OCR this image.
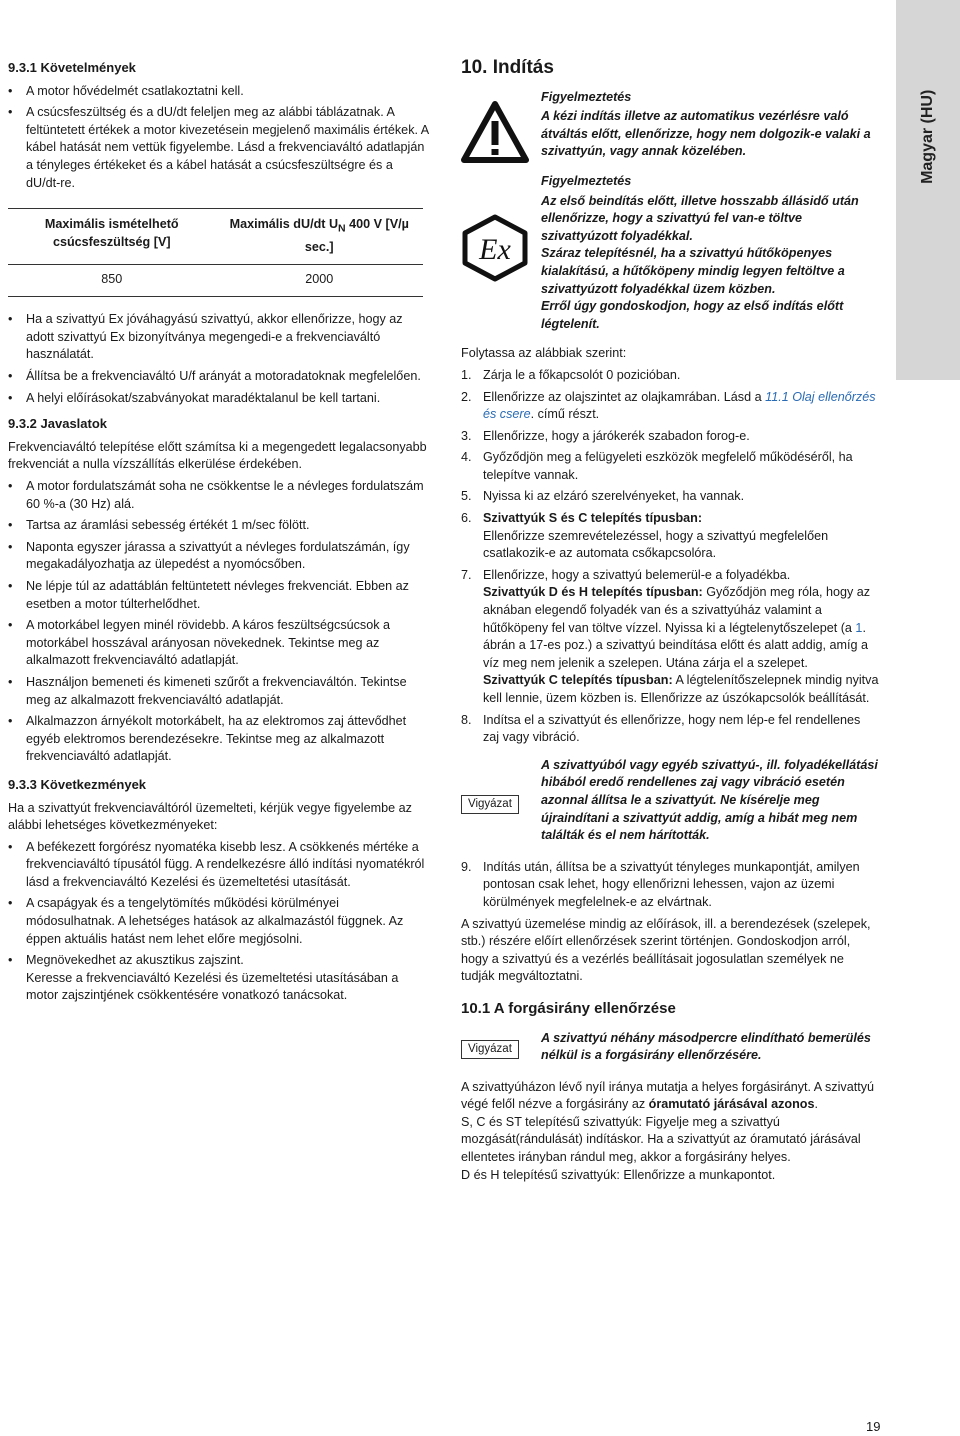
Magyar (HU)
9.3.1 Követelmények
• A motor hővédelmét csatlakoztatni kell.
• A csúcsfeszültség és a dU/dt feleljen meg az alábbi táblázatnak. A feltüntetett értékek a motor kivezetésein megjelenő maximális értékek. A kábel hatását nem vettük figyelembe. Lásd a frekvenciaváltó adatlapján a tényleges értékeket és a kábel hatását a csúcsfeszültségre és a dU/dt-re.
Maximális ismételhető csúcsfeszültség [V]	Maximális dU/dt $U_N$ 400 V [V/µ sec.]
850	2000
• Ha a szivattyú Ex jóváhagyású szivattyú, akkor ellenőrizze, hogy az adott szivattyú Ex bizonyítványa megengedi-e a frekvenciaváltó használatát.
• Állítsa be a frekvenciaváltó U/f arányát a motoradatoknak megfelelően.
• A helyi előírásokat/szabványokat maradéktalanul be kell tartani.
9.3.2 Javaslatok

Frekvenciaváltó telepítése előtt számítsa ki a megengedett legalacsonyabb frekvenciát a nulla vízszállítás elkerülése érdekében.

• A motor fordulatszámát soha ne csökkentse le a névleges fordulatszám 60 %-a (30 Hz) alá.
• Tartsa az áramlási sebesség értékét 1 m/sec fölött.
• Naponta egyszer járassa a szivattyút a névleges fordulatszámán, így megakadályozhatja az ülepedést a nyomócsőben.
• Ne lépje túl az adattáblán feltüntetett névleges frekvenciát. Ebben az esetben a motor túlterhelődhet.
• A motorkábel legyen minél rövidebb. A káros feszültségcsúcsok a motorkábel hosszával arányosan növekednek. Tekintse meg az alkalmazott frekvenciaváltó adatlapját.
• Használjon bemeneti és kimeneti szűrőt a frekvenciaváltón. Tekintse meg az alkalmazott frekvenciaváltó adatlapját.
• Alkalmazzon árnyékolt motorkábelt, ha az elektromos zaj áttevődhet egyéb elektromos berendezésekre. Tekintse meg az alkalmazott frekvenciaváltó adatlapját.
9.3.3 Következmények

Ha a szivattyút frekvenciaváltóról üzemelteti, kérjük vegye figyelembe az alábbi lehetséges következményeket:

• A befékezett forgórész nyomatéka kisebb lesz. A csökkenés mértéke a frekvenciaváltó típusától függ. A rendelkezésre álló indítási nyomatékról lásd a frekvenciaváltó Kezelési és üzemeltetési utasítását.
• A csapágyak és a tengelytömítés működési körülményei módosulhatnak. A lehetséges hatások az alkalmazástól függnek. Az éppen aktuális hatást nem lehet előre megjósolni.
• Megnövekedhet az akusztikus zajszint.
Keresse a frekvenciaváltó Kezelési és üzemeltetési utasításában a motor zajszintjének csökkentésére vonatkozó tanácsokat.
10. Indítás
Figyelmeztetés
A kézi indítás illetve az automatikus vezérlésre való átváltás előtt, ellenőrizze, hogy nem dolgozik-e valaki a szivattyún, vagy annak közelében.
Ex
Figyelmeztetés
Az első beindítás előtt, illetve hosszabb állásidő után ellenőrizze, hogy a szivattyú fel van-e töltve szivattyúzott folyadékkal.
Száraz telepítésnél, ha a szivattyú hűtőköpenyes kialakítású, a hűtőköpeny mindig legyen feltöltve a szivattyúzott folyadékkal üzem közben.
Erről úgy gondoskodjon, hogy az első indítás előtt légtelenít.

Folytassa az alábbiak szerint:

1. Zárja le a főkapcsolót 0 pozicióban.
2. Ellenőrizze az olajszintet az olajkamrában. Lásd a 11.1 Olaj ellenőrzés és csere. című részt.
3. Ellenőrizze, hogy a járókerék szabadon forog-e.
4. Győződjön meg a felügyeleti eszközök megfelelő működéséről, ha telepítve vannak.
5. Nyissa ki az elzáró szerelvényeket, ha vannak.
6. Szivattyúk S és C telepítés típusban:
Ellenőrizze szemrevételezéssel, hogy a szivattyú megfelelően csatlakozik-e az automata csőkapcsolóra.
7. Ellenőrizze, hogy a szivattyú belemerül-e a folyadékba.
Szivattyúk D és H telepítés típusban: Győződjön meg róla, hogy az aknában elegendő folyadék van és a szivattyúház valamint a hűtőköpeny fel van töltve vízzel. Nyissa ki a légtelenytőszelepet (a 1. ábrán a 17-es poz.) a szivattyú beindítása előtt és alatt addig, amíg a víz meg nem jelenik a szelepen. Utána zárja el a szelepet.
Szivattyúk C telepítés típusban: A légtelenítőszelepnek mindig nyitva kell lennie, üzem közben is. Ellenőrizze az úszókapcsolók beállítását.
8. Indítsa el a szivattyút és ellenőrizze, hogy nem lép-e fel rendellenes zaj vagy vibráció.
Vigyázat
A szivattyúból vagy egyéb szivattyú-, ill. folyadékellátási hibából eredő rendellenes zaj vagy vibráció esetén azonnal állítsa le a szivattyút. Ne kísérelje meg újraindítani a szivattyút addig, amíg a hibát meg nem találták és el nem hárították.
9. Indítás után, állítsa be a szivattyút tényleges munkapontját, amilyen pontosan csak lehet, hogy ellenőrizni lehessen, vajon az üzemi körülmények megfelelnek-e az elvártnak.

A szivattyú üzemelése mindig az előírások, ill. a berendezések (szelepek, stb.) részére előírt ellenőrzések szerint történjen. Gondoskodjon arról, hogy a szivattyú és a vezérlés beállításait jogosulatlan személyek ne tudják megváltoztatni.

10.1 A forgásirány ellenőrzése
Vigyázat
A szivattyú néhány másodpercre elindítható bemerülés nélkül is a forgásirány ellenőrzésére.

A szivattyúházon lévő nyíl iránya mutatja a helyes forgásirányt. A szivattyú végé felől nézve a forgásirány az óramutató járásával azonos.

S, C és ST telepítésű szivattyúk: Figyelje meg a szivattyú mozgását(rándulását) indításkor. Ha a szivattyút az óramutató járásával ellentetes irányban rándul meg, akkor a forgásirány helyes.

D és H telepítésű szivattyúk: Ellenőrizze a munkapontot.

19
